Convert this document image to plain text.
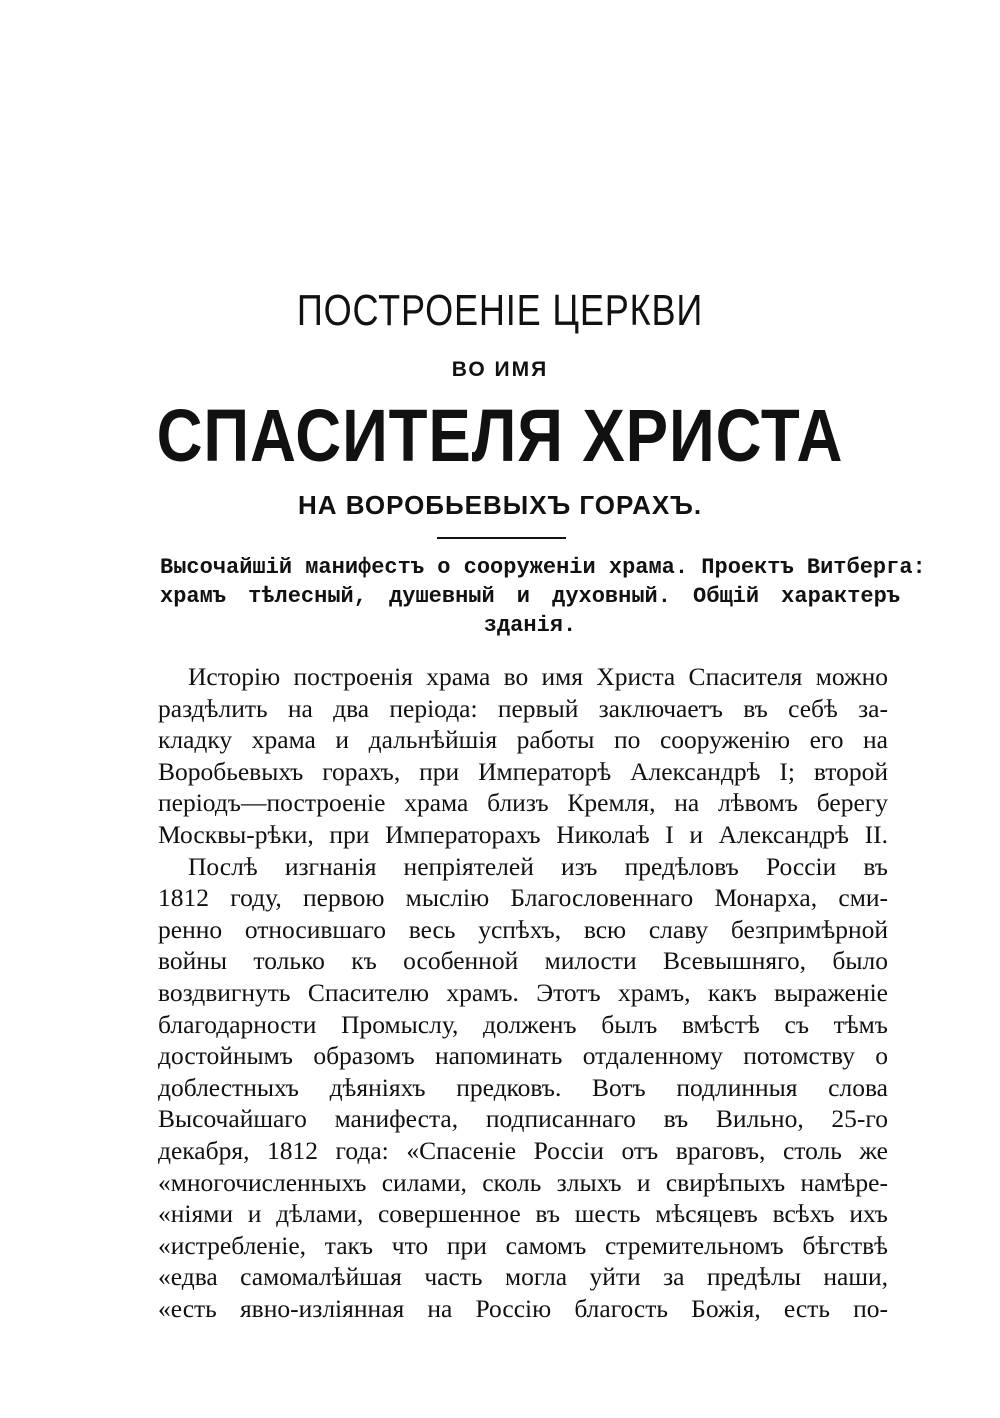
ПОСТРОЕНІЕ ЦЕРКВИ
ВО ИМЯ
СПАСИТЕЛЯ ХРИСТА
НА ВОРОБЬЕВЫХЪ ГОРАХЪ.
Высочайшій манифестъ о сооруженіи храма. Проектъ Витберга:
храмъ тѣлесный, душевный и духовный. Общій характеръ
зданія.
Исторію построенія храма во имя Христа Спасителя можно
раздѣлить на два періода: первый заключаетъ въ себѣ за-
кладку храма и дальнѣйшія работы по сооруженію его на
Воробьевыхъ горахъ, при Императорѣ Александрѣ I; второй
періодъ—построеніе храма близъ Кремля, на лѣвомъ берегу
Москвы-рѣки, при Императорахъ Николаѣ I и Александрѣ II.
Послѣ изгнанія непріятелей изъ предѣловъ Россіи въ
1812 году, первою мыслію Благословеннаго Монарха, сми-
ренно относившаго весь успѣхъ, всю славу безпримѣрной
войны только къ особенной милости Всевышняго, было
воздвигнуть Спасителю храмъ. Этотъ храмъ, какъ выраженіе
благодарности Промыслу, долженъ былъ вмѣстѣ съ тѣмъ
достойнымъ образомъ напоминать отдаленному потомству о
доблестныхъ дѣяніяхъ предковъ. Вотъ подлинныя слова
Высочайшаго манифеста, подписаннаго въ Вильно, 25-го
декабря, 1812 года: «Спасеніе Россіи отъ враговъ, столь же
«многочисленныхъ силами, сколь злыхъ и свирѣпыхъ намѣре-
«ніями и дѣлами, совершенное въ шесть мѣсяцевъ всѣхъ ихъ
«истребленіе, такъ что при самомъ стремительномъ бѣгствѣ
«едва самомалѣйшая часть могла уйти за предѣлы наши,
«есть явно-изліянная на Россію благость Божія, есть по-
